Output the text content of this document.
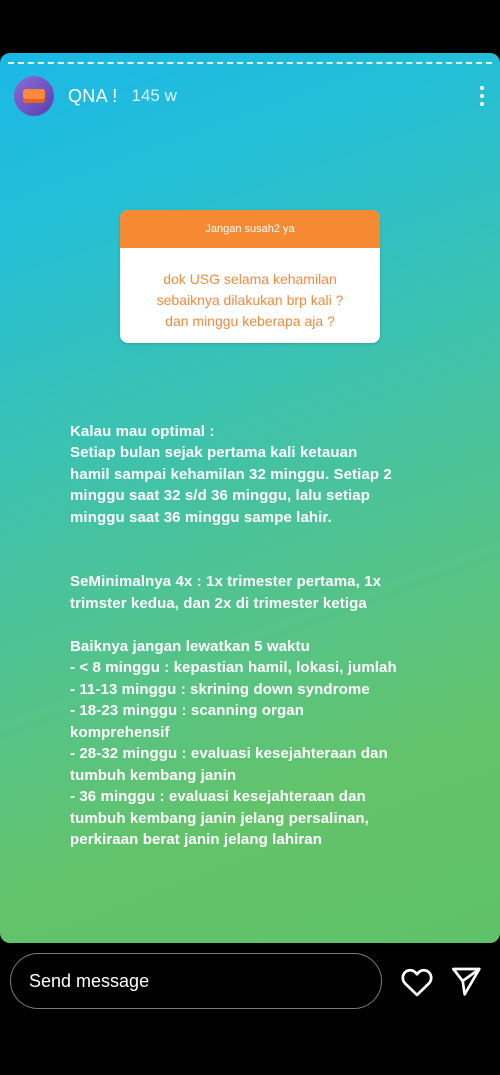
QNA ! 145 w
Jangan susah2 ya
dok USG selama kehamilan
sebaiknya dilakukan brp kali ?
dan minggu keberapa aja ?

Kalau mau optimal :
Setiap bulan sejak pertama kali ketauan
hamil sampai kehamilan 32 minggu. Setiap 2
minggu saat 32 s/d 36 minggu, lalu setiap
minggu saat 36 minggu sampe lahir.

SeMinimalnya 4x : 1x trimester pertama, 1x
trimster kedua, dan 2x di trimester ketiga
Baiknya jangan lewatkan 5 waktu
- < 8 minggu : kepastian hamil, lokasi, jumlah
- 11-13 minggu : skrining down syndrome
- 18-23 minggu : scanning organ
komprehensif
- 28-32 minggu : evaluasi kesejahteraan dan
tumbuh kembang janin
- 36 minggu : evaluasi kesejahteraan dan
tumbuh kembang janin jelang persalinan,
perkiraan berat janin jelang lahiran
Send message
